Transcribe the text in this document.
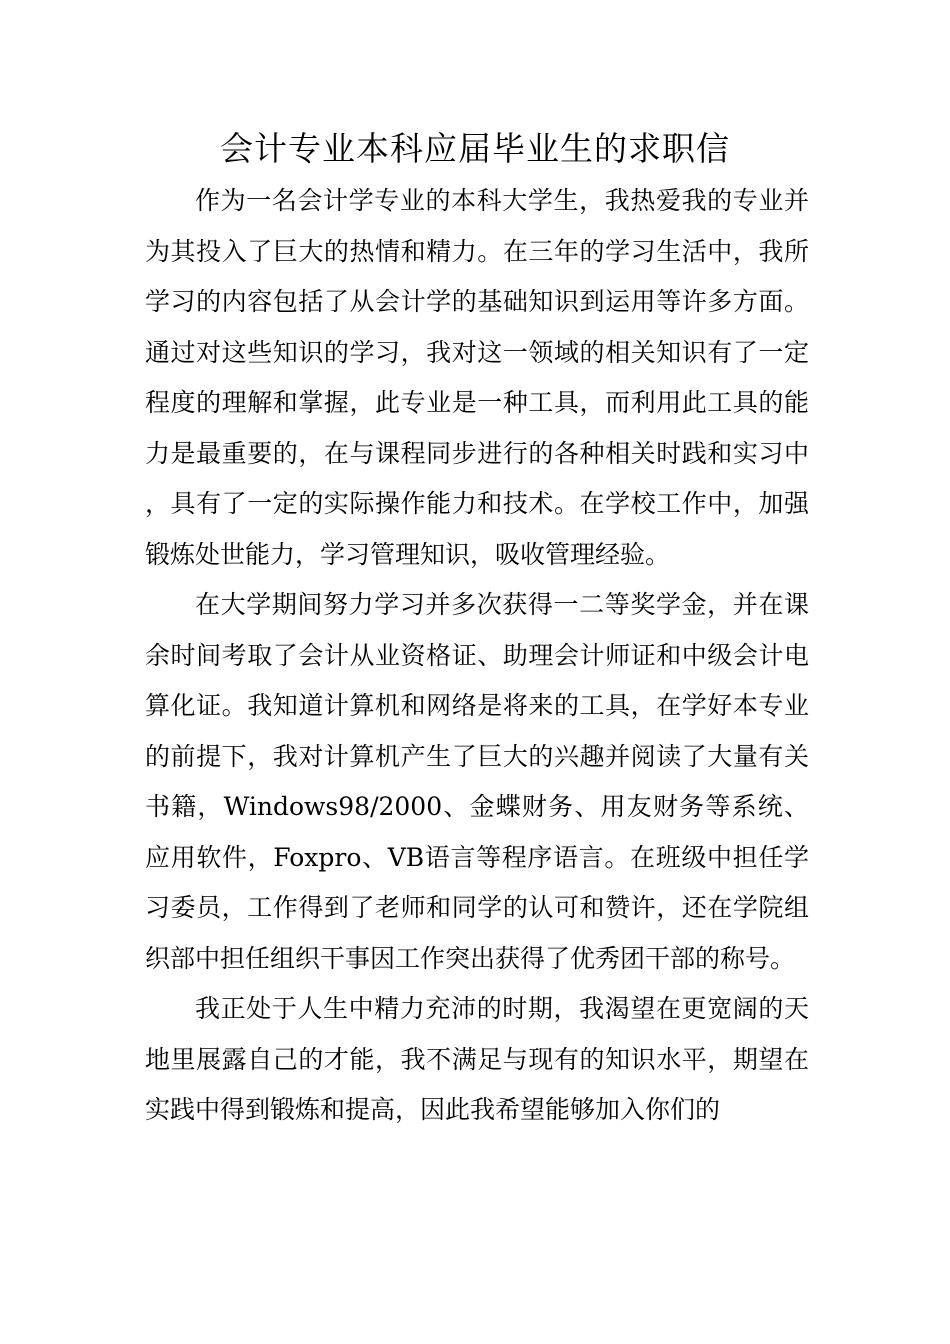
会计专业本科应届毕业生的求职信

作为一名会计学专业的本科大学生，我热爱我的专业并为其投入了巨大的热情和精力。在三年的学习生活中，我所学习的内容包括了从会计学的基础知识到运用等许多方面。通过对这些知识的学习，我对这一领域的相关知识有了一定程度的理解和掌握，此专业是一种工具，而利用此工具的能力是最重要的，在与课程同步进行的各种相关时践和实习中，具有了一定的实际操作能力和技术。在学校工作中，加强锻炼处世能力，学习管理知识，吸收管理经验。

在大学期间努力学习并多次获得一二等奖学金，并在课余时间考取了会计从业资格证、助理会计师证和中级会计电算化证。我知道计算机和网络是将来的工具，在学好本专业的前提下，我对计算机产生了巨大的兴趣并阅读了大量有关书籍，Windows98/2000、金蝶财务、用友财务等系统、应用软件，Foxpro、VB语言等程序语言。在班级中担任学习委员，工作得到了老师和同学的认可和赞许，还在学院组织部中担任组织干事因工作突出获得了优秀团干部的称号。

我正处于人生中精力充沛的时期，我渴望在更宽阔的天地里展露自己的才能，我不满足与现有的知识水平，期望在实践中得到锻炼和提高，因此我希望能够加入你们的
